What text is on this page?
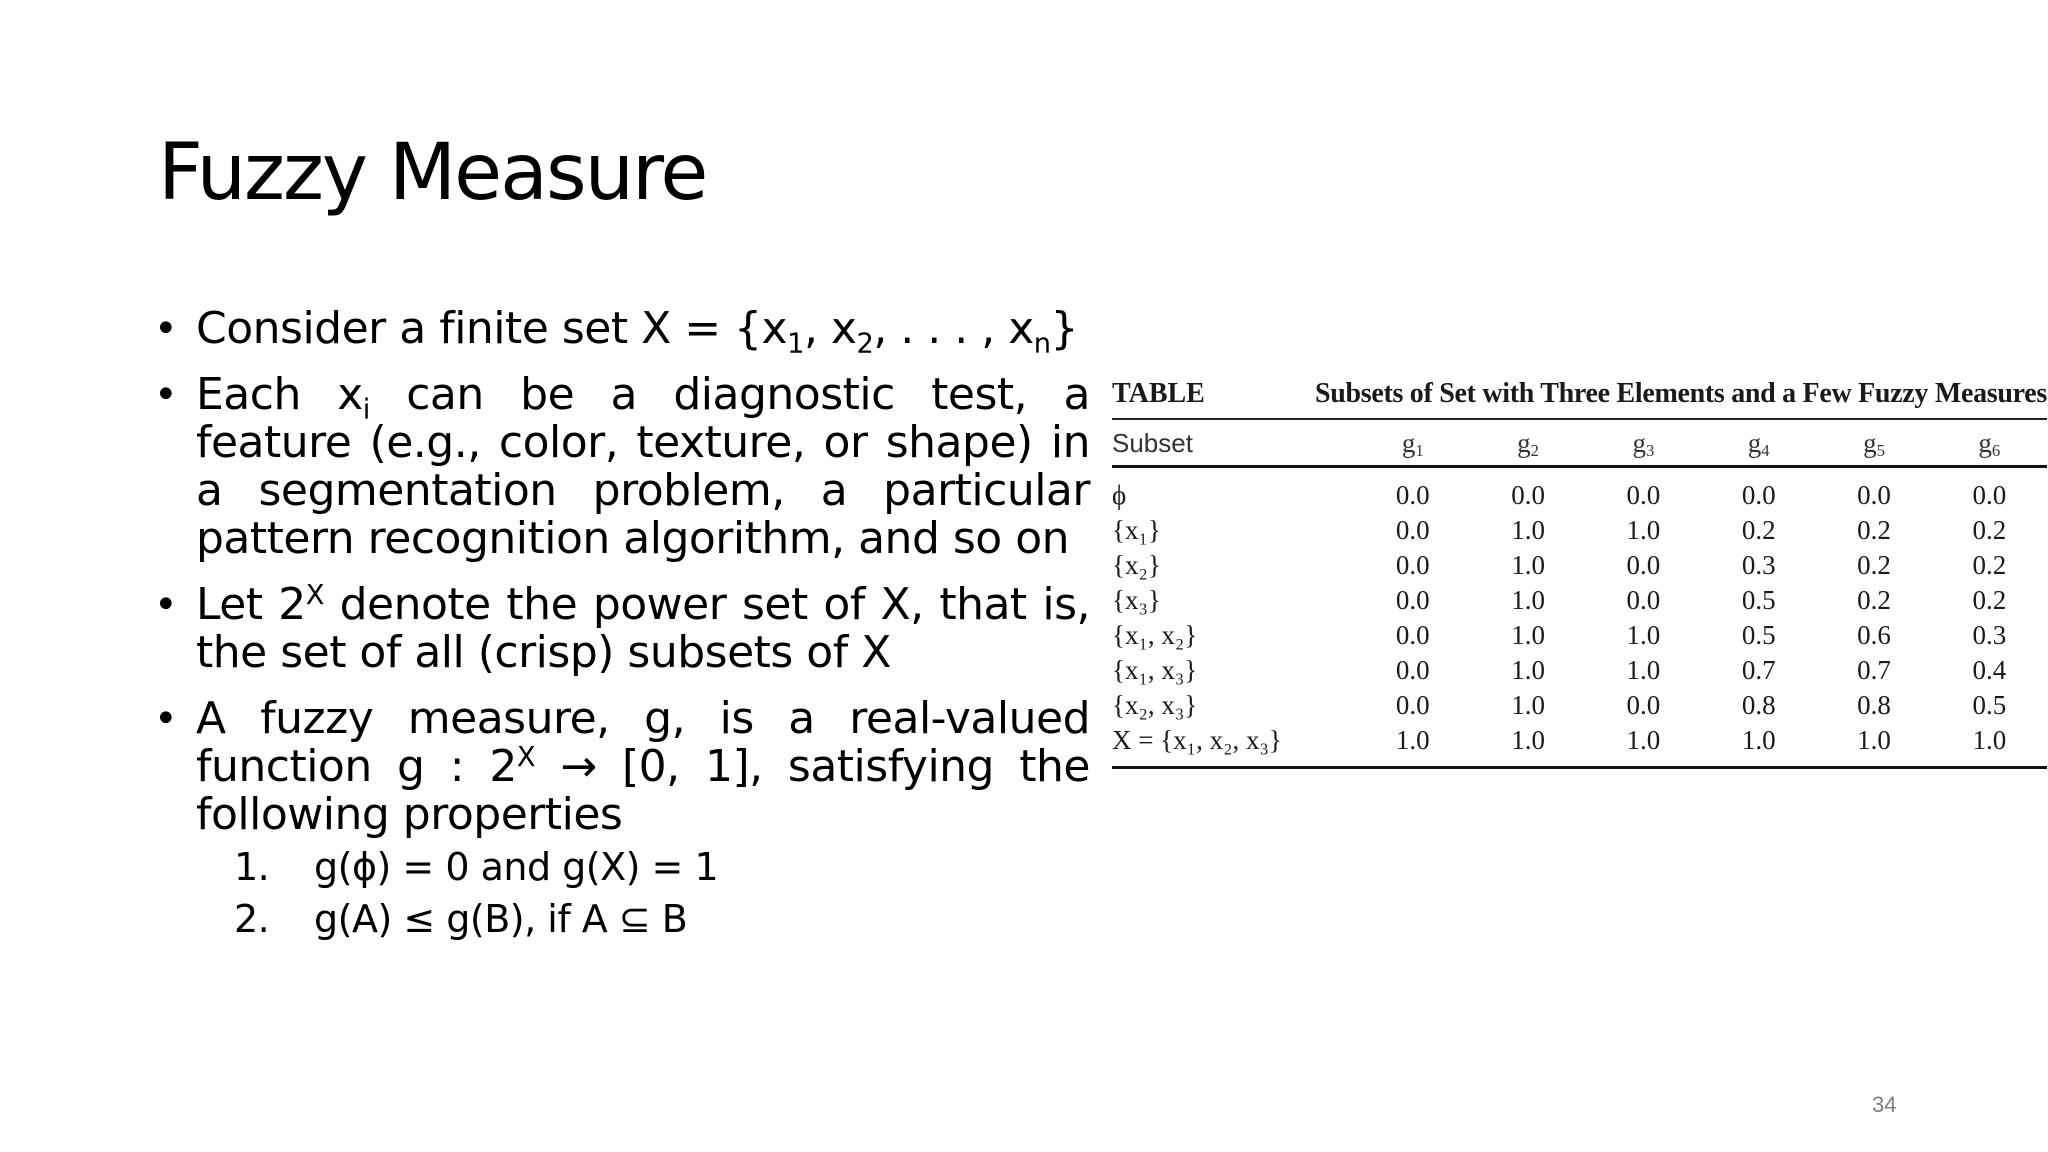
Fuzzy Measure
• Consider a finite set $X = \{x_1$, $x_2$, . . . , $x_n$}
• Each $x_i$ can be a diagnostic test, a feature (e.g., color, texture, or shape) in a segmentation problem, a particular pattern recognition algorithm, and so on
• Let $2^X$ denote the power set of X, that is, the set of all (crisp) subsets of X
• A fuzzy measure, g, is a real-valued function g : $2^X \to [0$, 1], satisfying the following properties
1. g(ϕ) = 0 and g(X) = 1
2. g(A) ≤ g(B), if A ⊆ B
TABLE	Subsets of Set with Three Elements and a Few Fuzzy Measures
Subset	g1	g2	g3	g4	g5	g6
ϕ	0.0	0.0	0.0	0.0	0.0	0.0
{x₁}	0.0	1.0	1.0	0.2	0.2	0.2
{x₂}	0.0	1.0	0.0	0.3	0.2	0.2
{x₃}	0.0	1.0	0.0	0.5	0.2	0.2
{x₁, x₂}	0.0	1.0	1.0	0.5	0.6	0.3
{x₁, x₃}	0.0	1.0	1.0	0.7	0.7	0.4
{x₂, x₃}	0.0	1.0	0.0	0.8	0.8	0.5
X = {x₁, x₂, x₃}	1.0	1.0	1.0	1.0	1.0	1.0
34
